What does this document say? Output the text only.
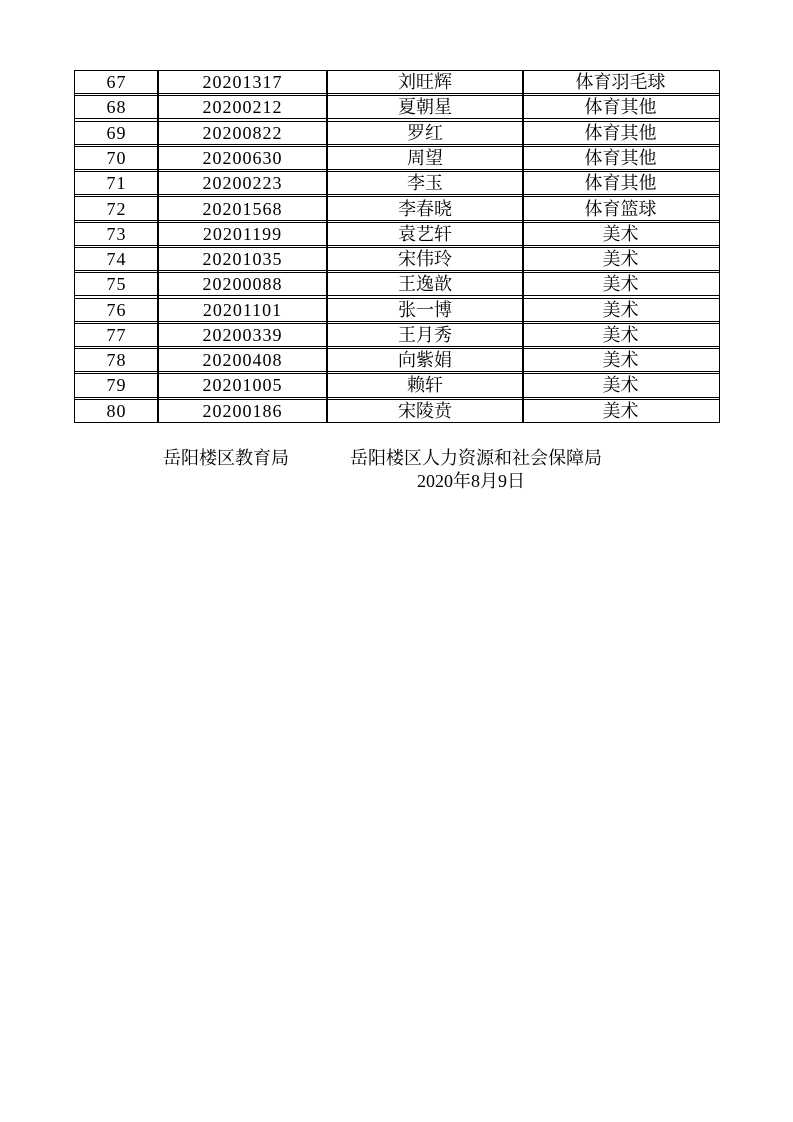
67	20201317	刘旺辉	体育羽毛球
68	20200212	夏朝星	体育其他
69	20200822	罗红	体育其他
70	20200630	周望	体育其他
71	20200223	李玉	体育其他
72	20201568	李春晓	体育篮球
73	20201199	袁艺轩	美术
74	20201035	宋伟玲	美术
75	20200088	王逸歆	美术
76	20201101	张一博	美术
77	20200339	王月秀	美术
78	20200408	向紫娟	美术
79	20201005	赖轩	美术
80	20200186	宋陵贲	美术
岳阳楼区教育局	岳阳楼区人力资源和社会保障局
2020年8月9日
